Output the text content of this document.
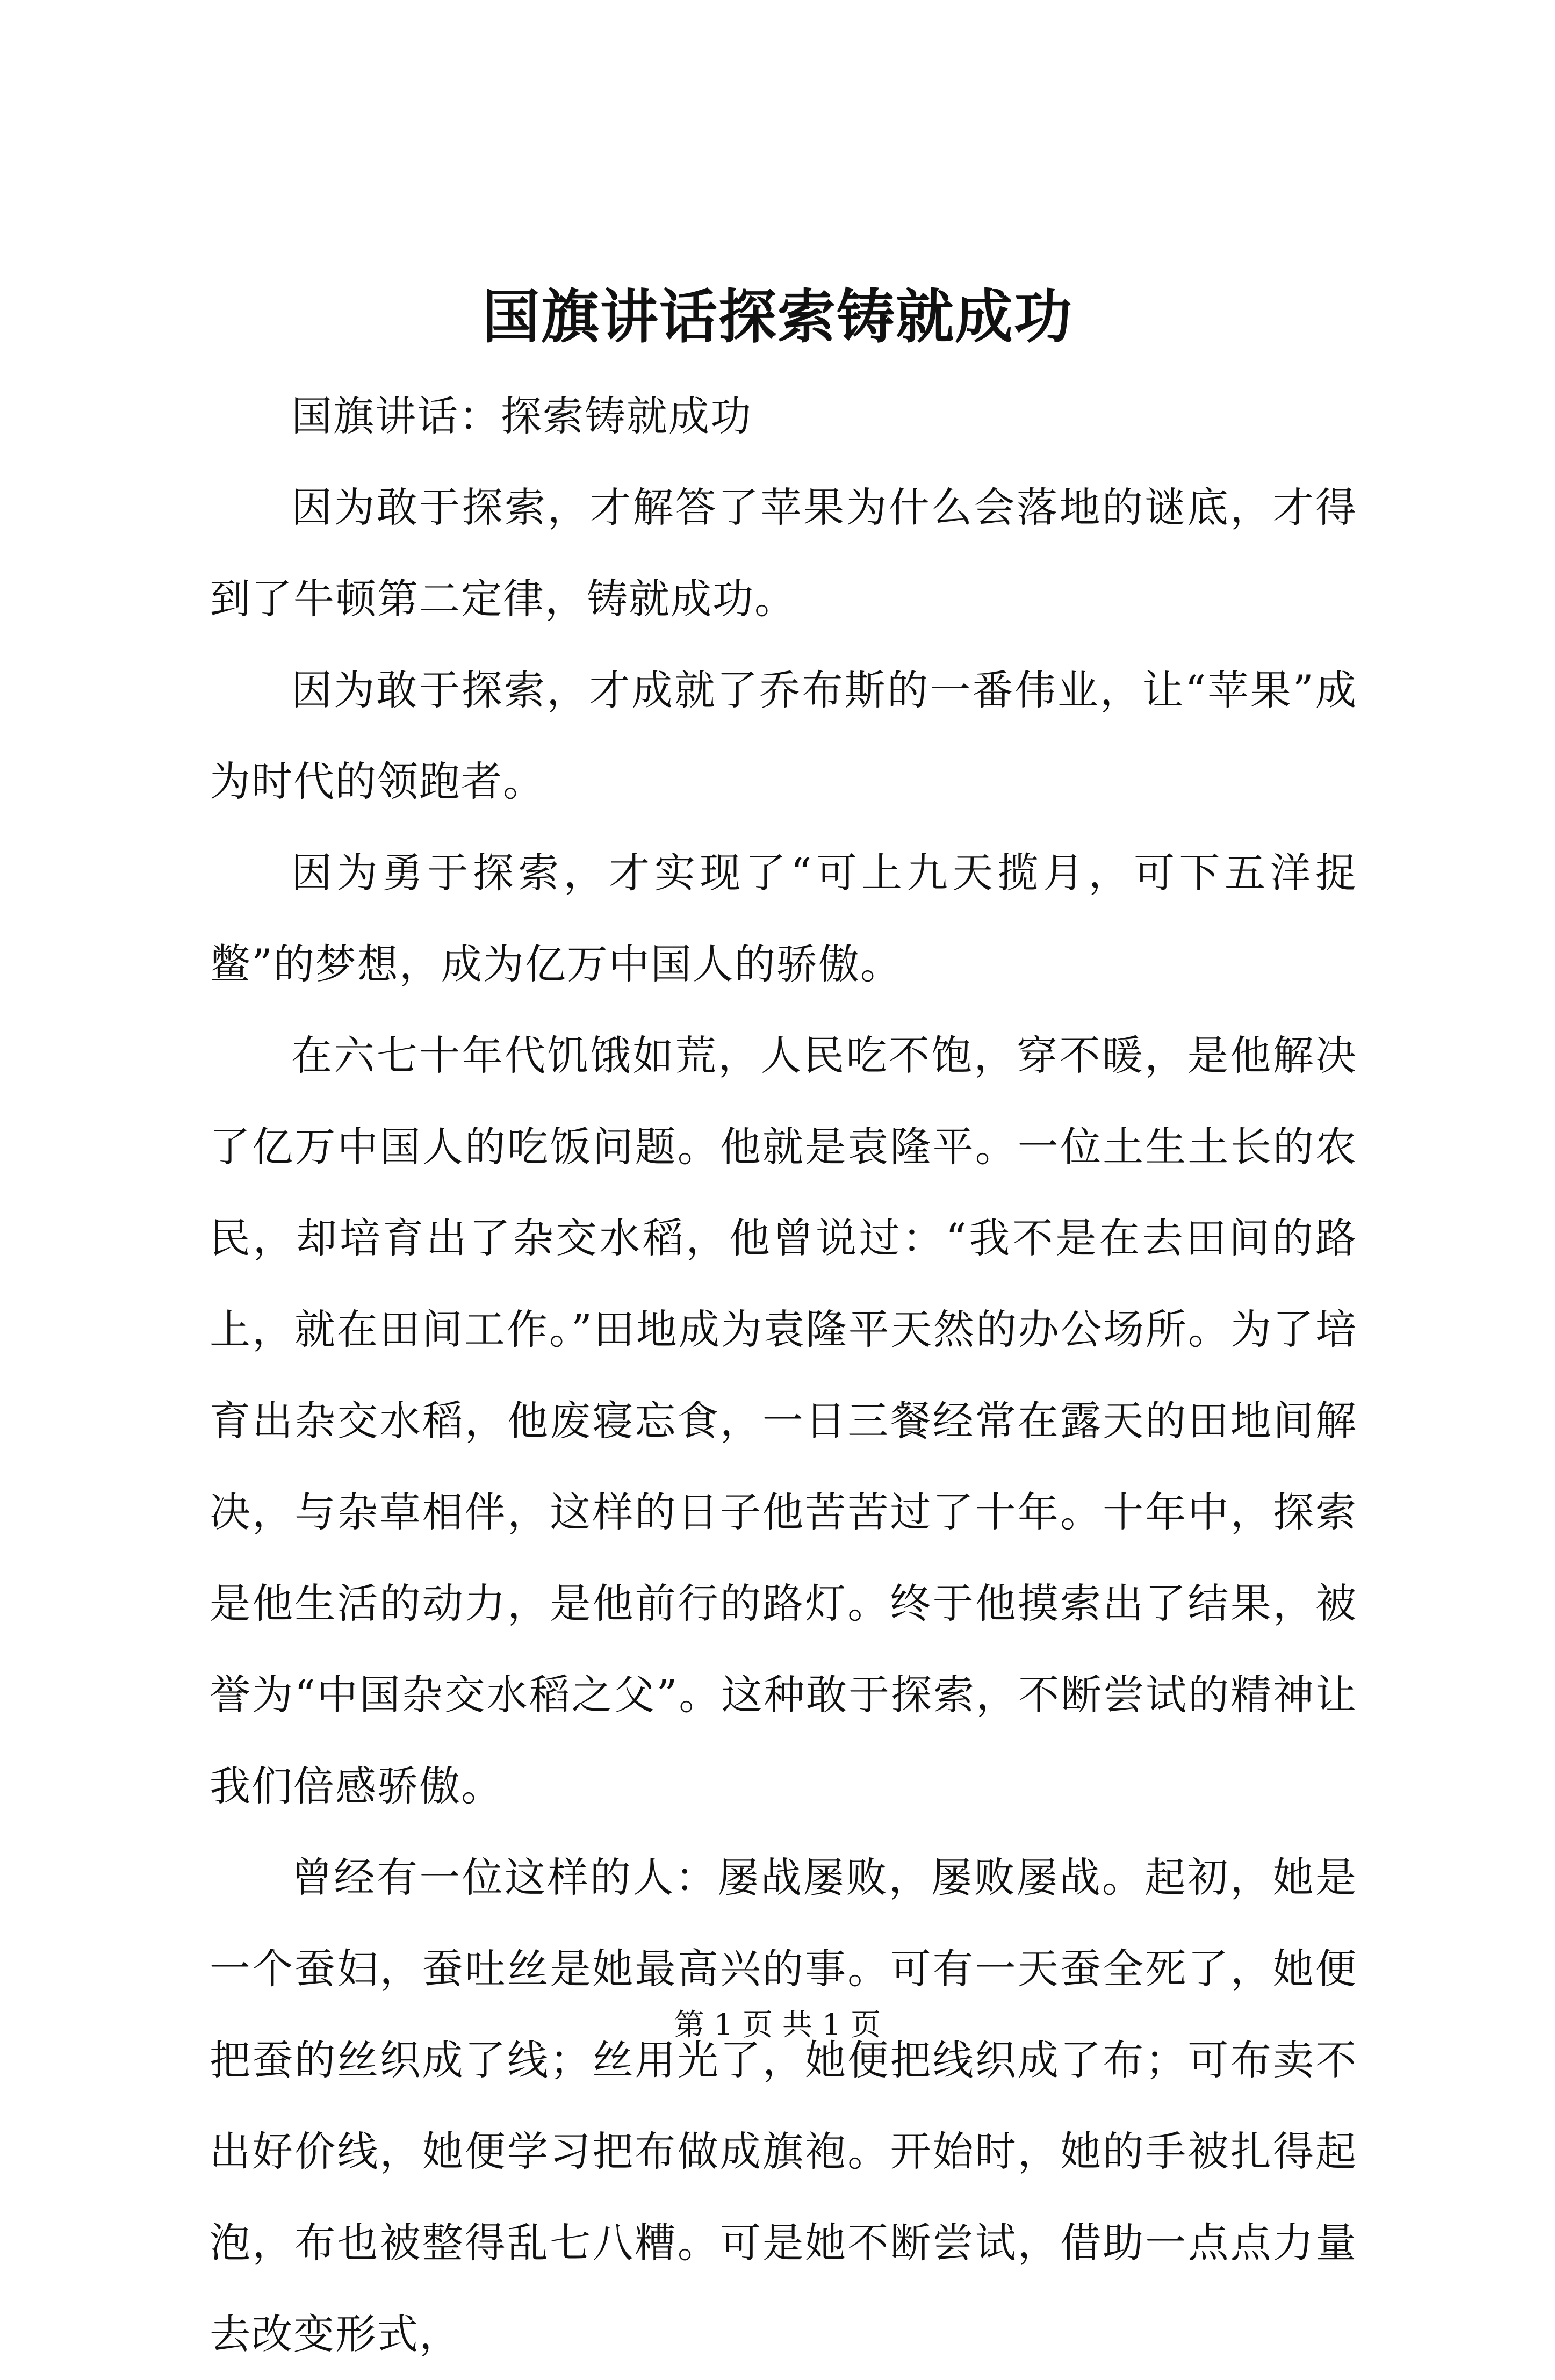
国旗讲话探索铸就成功

国旗讲话：探索铸就成功

因为敢于探索，才解答了苹果为什么会落地的谜底，才得到了牛顿第二定律，铸就成功。

因为敢于探索，才成就了乔布斯的一番伟业，让“苹果”成为时代的领跑者。

因为勇于探索，才实现了“可上九天揽月，可下五洋捉鳖”的梦想，成为亿万中国人的骄傲。

在六七十年代饥饿如荒，人民吃不饱，穿不暖，是他解决了亿万中国人的吃饭问题。他就是袁隆平。一位土生土长的农民，却培育出了杂交水稻，他曾说过：“我不是在去田间的路上，就在田间工作。”田地成为袁隆平天然的办公场所。为了培育出杂交水稻，他废寝忘食，一日三餐经常在露天的田地间解决，与杂草相伴，这样的日子他苦苦过了十年。十年中，探索是他生活的动力，是他前行的路灯。终于他摸索出了结果，被誉为“中国杂交水稻之父”。这种敢于探索，不断尝试的精神让我们倍感骄傲。

曾经有一位这样的人：屡战屡败，屡败屡战。起初，她是一个蚕妇，蚕吐丝是她最高兴的事。可有一天蚕全死了，她便把蚕的丝织成了线；丝用光了，她便把线织成了布；可布卖不出好价线，她便学习把布做成旗袍。开始时，她的手被扎得起泡，布也被整得乱七八糟。可是她不断尝试，借助一点点力量去改变形式，

第 1 页 共 1 页
